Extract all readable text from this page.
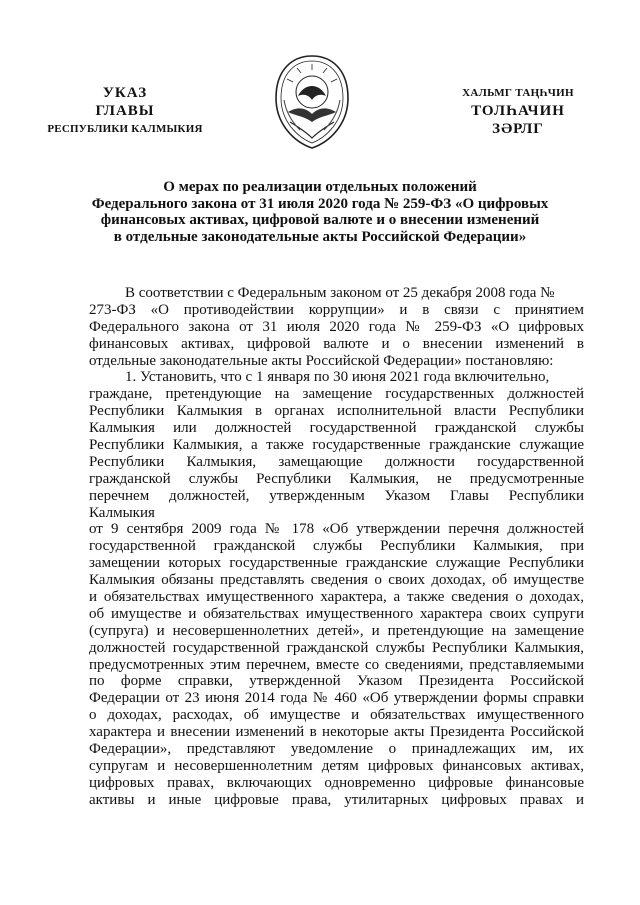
УКАЗ
ГЛАВЫ
РЕСПУБЛИКИ КАЛМЫКИЯ
ХАЛЬМГ ТАҢҺЧИН
ТОЛҺАЧИН
ЗӘРЛГ
О мерах по реализации отдельных положений
Федерального закона от 31 июля 2020 года № 259-ФЗ «О цифровых
финансовых активах, цифровой валюте и о внесении изменений
в отдельные законодательные акты Российской Федерации»
В соответствии с Федеральным законом от 25 декабря 2008 года №
273-ФЗ «О противодействии коррупции» и в связи с принятием
Федерального закона от 31 июля 2020 года № 259-ФЗ «О цифровых
финансовых активах, цифровой валюте и о внесении изменений в
отдельные законодательные акты Российской Федерации» постановляю:
1. Установить, что с 1 января по 30 июня 2021 года включительно,
граждане, претендующие на замещение государственных должностей
Республики Калмыкия в органах исполнительной власти Республики
Калмыкия или должностей государственной гражданской службы
Республики Калмыкия, а также государственные гражданские служащие
Республики Калмыкия, замещающие должности государственной
гражданской службы Республики Калмыкия, не предусмотренные
перечнем должностей, утвержденным Указом Главы Республики
Калмыкия
от 9 сентября 2009 года № 178 «Об утверждении перечня должностей
государственной гражданской службы Республики Калмыкия, при
замещении которых государственные гражданские служащие Республики
Калмыкия обязаны представлять сведения о своих доходах, об имуществе
и обязательствах имущественного характера, а также сведения о доходах,
об имуществе и обязательствах имущественного характера своих супруги
(супруга) и несовершеннолетних детей», и претендующие на замещение
должностей государственной гражданской службы Республики Калмыкия,
предусмотренных этим перечнем, вместе со сведениями, представляемыми
по форме справки, утвержденной Указом Президента Российской
Федерации от 23 июня 2014 года № 460 «Об утверждении формы справки
о доходах, расходах, об имуществе и обязательствах имущественного
характера и внесении изменений в некоторые акты Президента Российской
Федерации», представляют уведомление о принадлежащих им, их
супругам и несовершеннолетним детям цифровых финансовых активах,
цифровых правах, включающих одновременно цифровые финансовые
активы и иные цифровые права, утилитарных цифровых правах и
